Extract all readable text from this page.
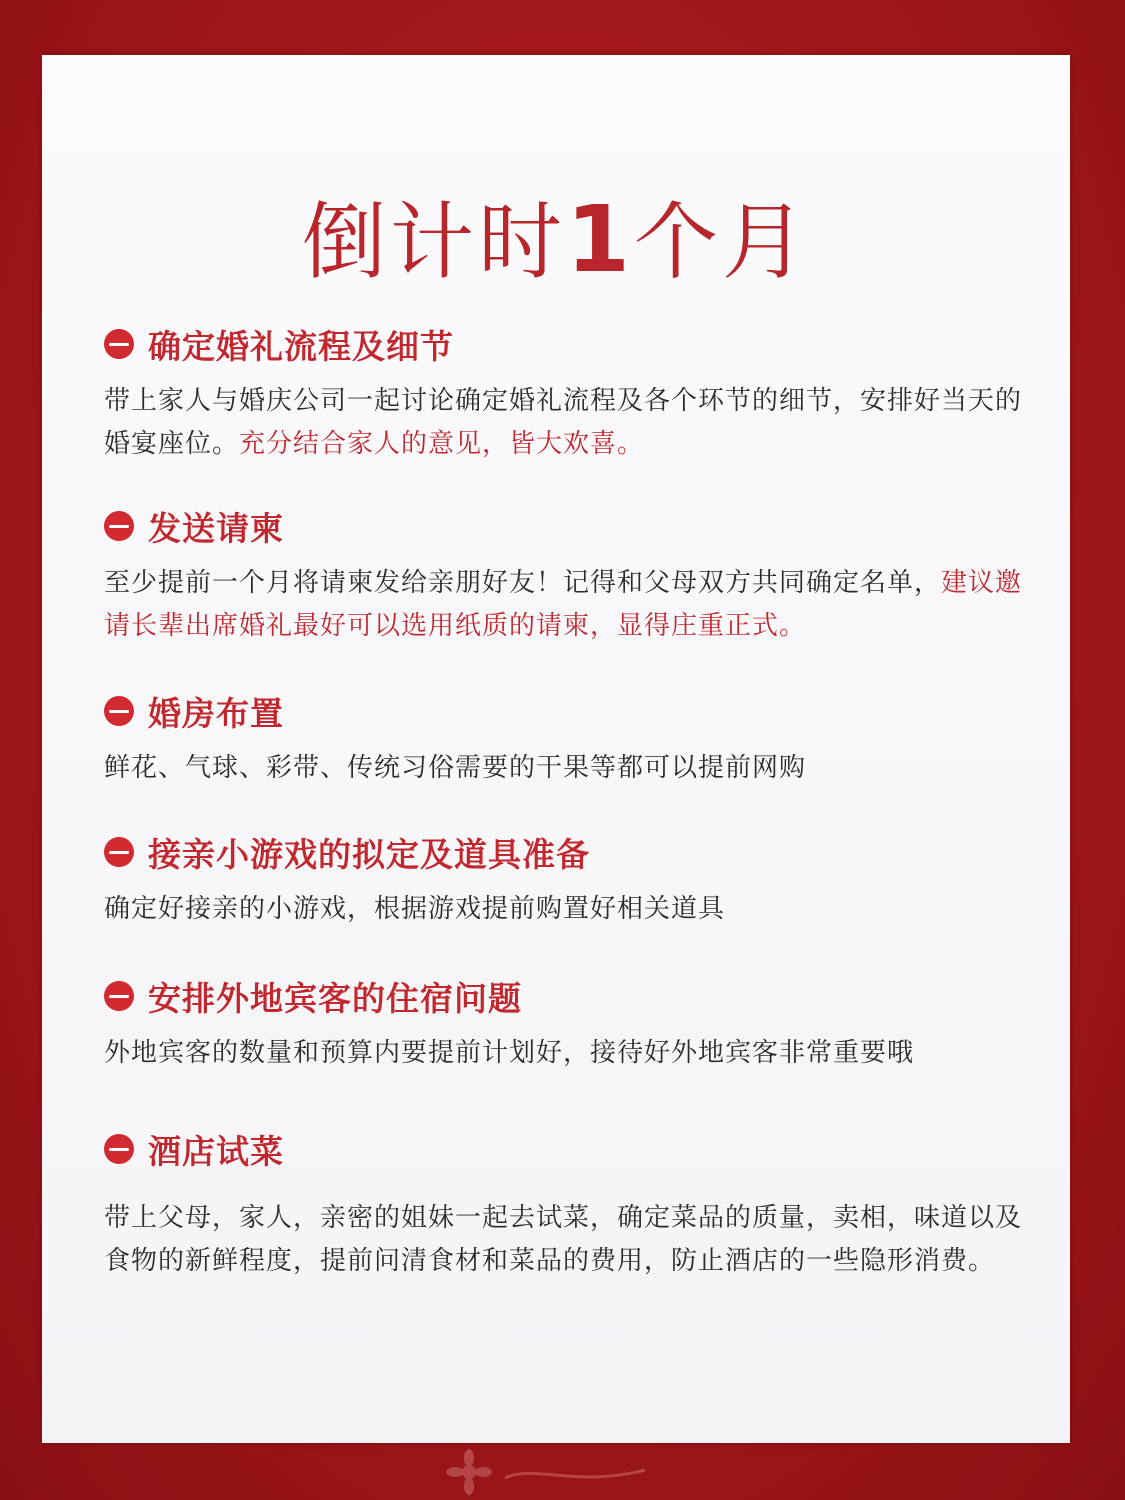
倒计时1个月
确定婚礼流程及细节
带上家人与婚庆公司一起讨论确定婚礼流程及各个环节的细节，安排好当天的婚宴座位。充分结合家人的意见，皆大欢喜。
发送请柬
至少提前一个月将请柬发给亲朋好友！记得和父母双方共同确定名单，建议邀请长辈出席婚礼最好可以选用纸质的请柬，显得庄重正式。
婚房布置
鲜花、气球、彩带、传统习俗需要的干果等都可以提前网购
接亲小游戏的拟定及道具准备
确定好接亲的小游戏，根据游戏提前购置好相关道具
安排外地宾客的住宿问题
外地宾客的数量和预算内要提前计划好，接待好外地宾客非常重要哦
酒店试菜
带上父母，家人，亲密的姐妹一起去试菜，确定菜品的质量，卖相，味道以及食物的新鲜程度，提前问清食材和菜品的费用，防止酒店的一些隐形消费。
